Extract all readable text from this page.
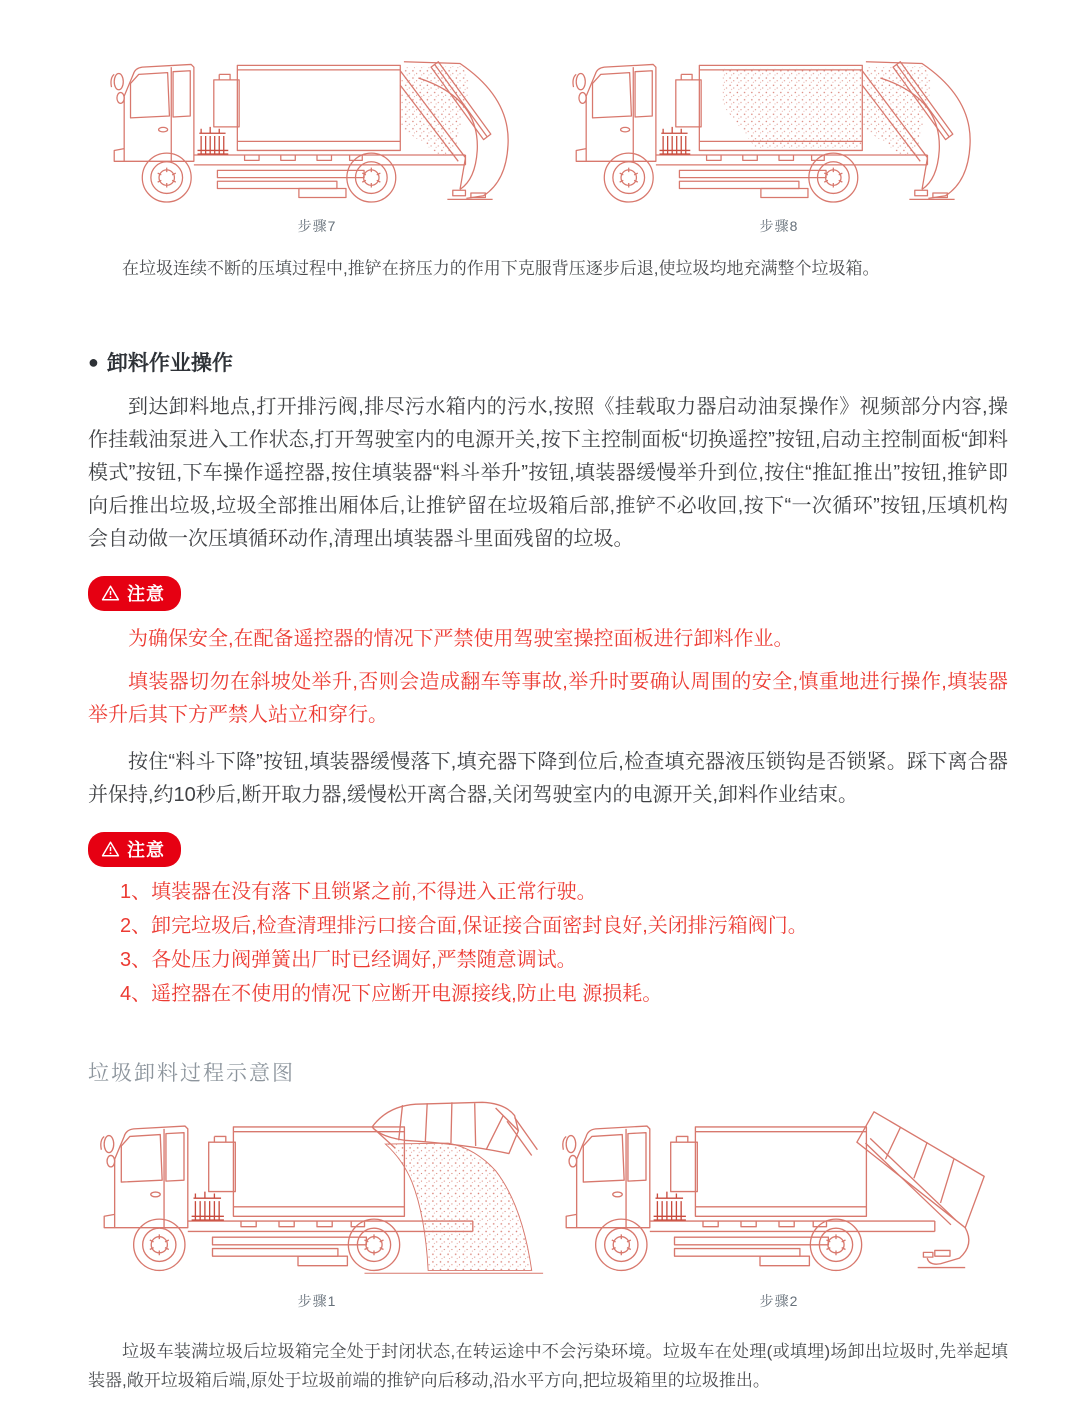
步骤7	步骤8

在垃圾连续不断的压填过程中,推铲在挤压力的作用下克服背压逐步后退,使垃圾均地充满整个垃圾箱。

● 卸料作业操作

到达卸料地点,打开排污阀,排尽污水箱内的污水,按照《挂载取力器启动油泵操作》视频部分内容,操作挂载油泵进入工作状态,打开驾驶室内的电源开关,按下主控制面板“切换遥控”按钮,启动主控制面板“卸料模式”按钮,下车操作遥控器,按住填装器“料斗举升”按钮,填装器缓慢举升到位,按住“推缸推出”按钮,推铲即向后推出垃圾,垃圾全部推出厢体后,让推铲留在垃圾箱后部,推铲不必收回,按下“一次循环”按钮,压填机构会自动做一次压填循环动作,清理出填装器斗里面残留的垃圾。

注意

为确保安全,在配备遥控器的情况下严禁使用驾驶室操控面板进行卸料作业。

填装器切勿在斜坡处举升,否则会造成翻车等事故,举升时要确认周围的安全,慎重地进行操作,填装器举升后其下方严禁人站立和穿行。

按住“料斗下降”按钮,填装器缓慢落下,填充器下降到位后,检查填充器液压锁钩是否锁紧。踩下离合器并保持,约10秒后,断开取力器,缓慢松开离合器,关闭驾驶室内的电源开关,卸料作业结束。

注意
1、填装器在没有落下且锁紧之前,不得进入正常行驶。
2、卸完垃圾后,检查清理排污口接合面,保证接合面密封良好,关闭排污箱阀门。
3、各处压力阀弹簧出厂时已经调好,严禁随意调试。
4、遥控器在不使用的情况下应断开电源接线,防止电 源损耗。
垃圾卸料过程示意图
步骤1	步骤2

垃圾车装满垃圾后垃圾箱完全处于封闭状态,在转运途中不会污染环境。垃圾车在处理(或填埋)场卸出垃圾时,先举起填装器,敞开垃圾箱后端,原处于垃圾前端的推铲向后移动,沿水平方向,把垃圾箱里的垃圾推出。
